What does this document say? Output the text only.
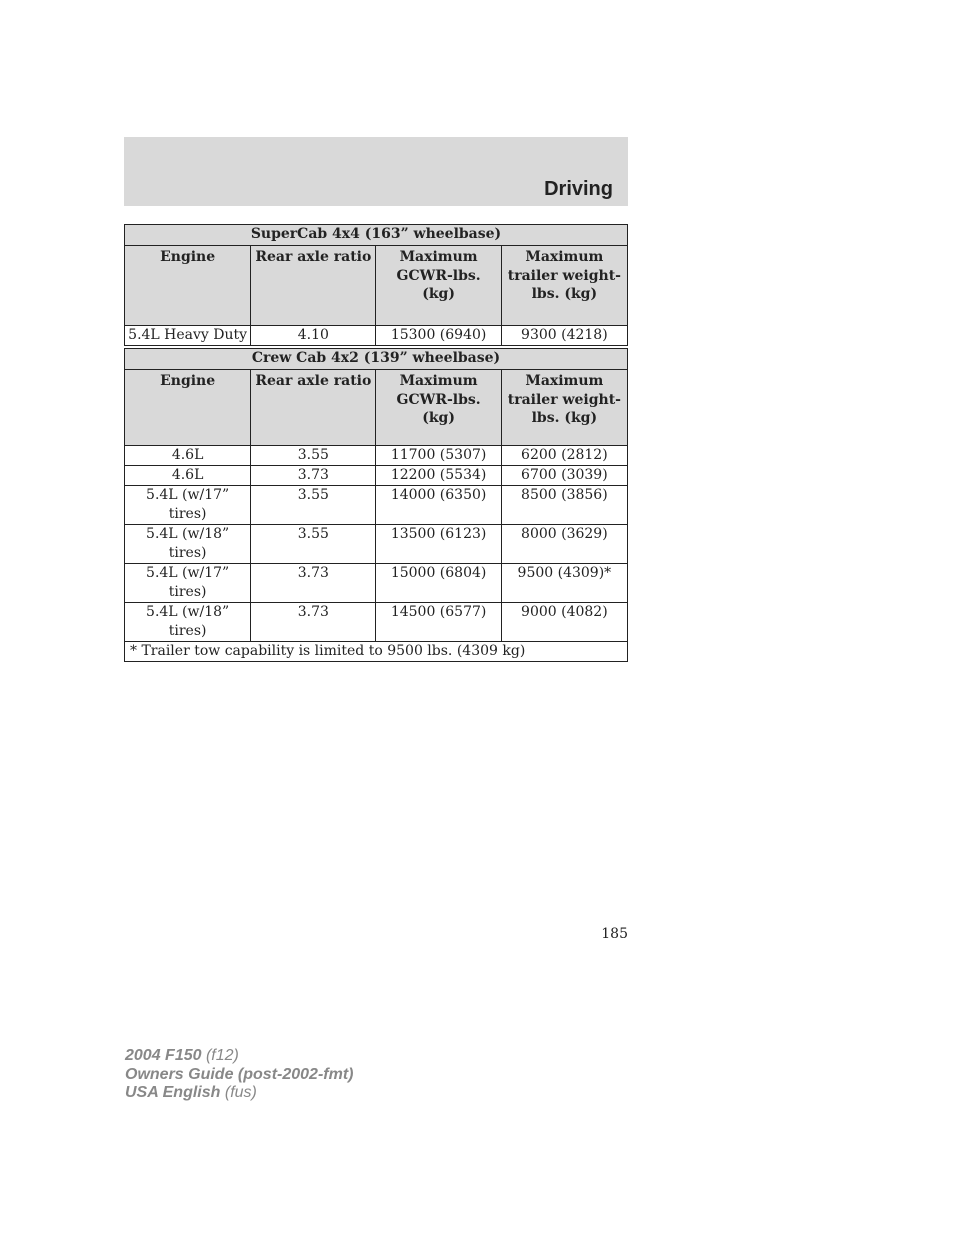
Driving
SuperCab 4x4 (163” wheelbase)			
Engine	Rear axle ratio	Maximum GCWR-lbs. (kg)	Maximum trailer weight-lbs. (kg)
5.4L Heavy Duty	4.10	15300 (6940)	9300 (4218)
Crew Cab 4x2 (139” wheelbase)			
Engine	Rear axle ratio	Maximum GCWR-lbs. (kg)	Maximum trailer weight-lbs. (kg)
4.6L	3.55	11700 (5307)	6200 (2812)
4.6L	3.73	12200 (5534)	6700 (3039)
5.4L (w/17” tires)	3.55	14000 (6350)	8500 (3856)
5.4L (w/18” tires)	3.55	13500 (6123)	8000 (3629)
5.4L (w/17” tires)	3.73	15000 (6804)	9500 (4309)*
5.4L (w/18” tires)	3.73	14500 (6577)	9000 (4082)
* Trailer tow capability is limited to 9500 lbs. (4309 kg)			
185
2004 F150 (f12)
Owners Guide (post-2002-fmt)
USA English (fus)
